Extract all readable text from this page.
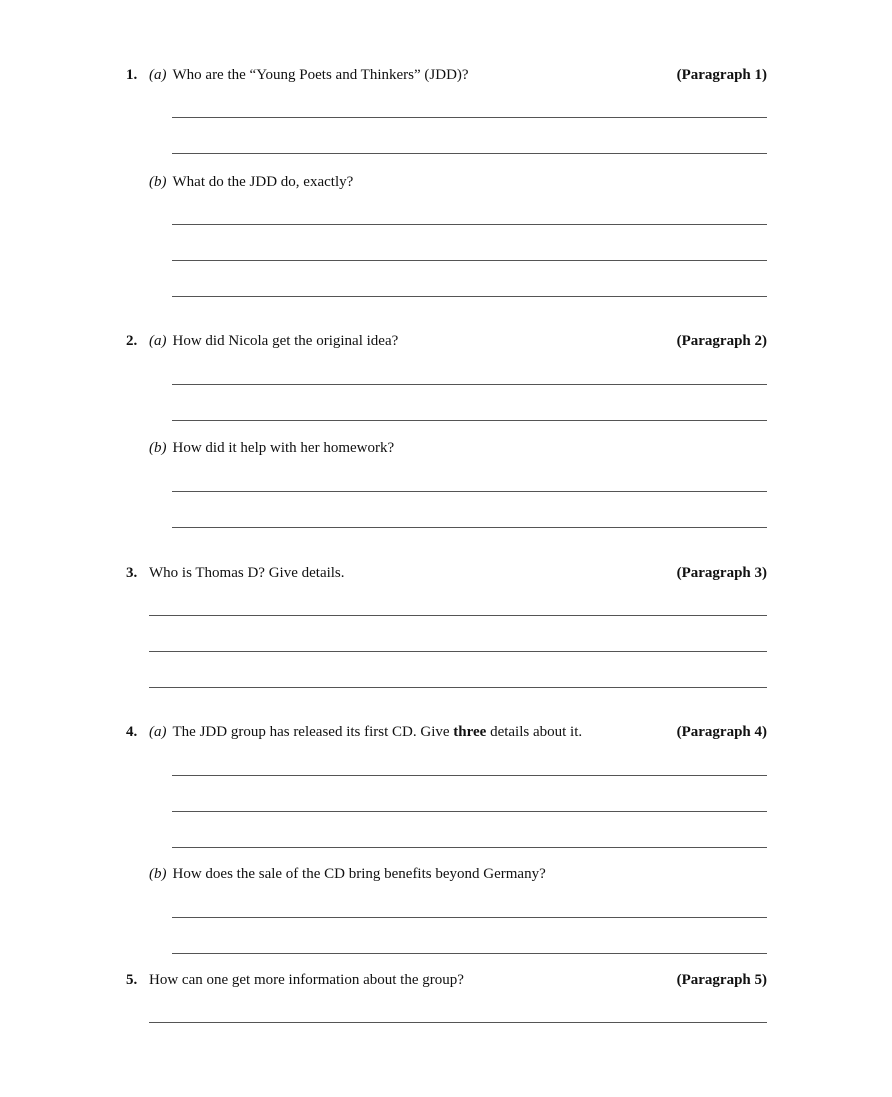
1. (a) Who are the “Young Poets and Thinkers” (JDD)?	(Paragraph 1)
(b) What do the JDD do, exactly?
2. (a) How did Nicola get the original idea?	(Paragraph 2)
(b) How did it help with her homework?
3. Who is Thomas D? Give details.	(Paragraph 3)
4. (a) The JDD group has released its first CD. Give three details about it.	(Paragraph 4)
(b) How does the sale of the CD bring benefits beyond Germany?
5. How can one get more information about the group?	(Paragraph 5)
